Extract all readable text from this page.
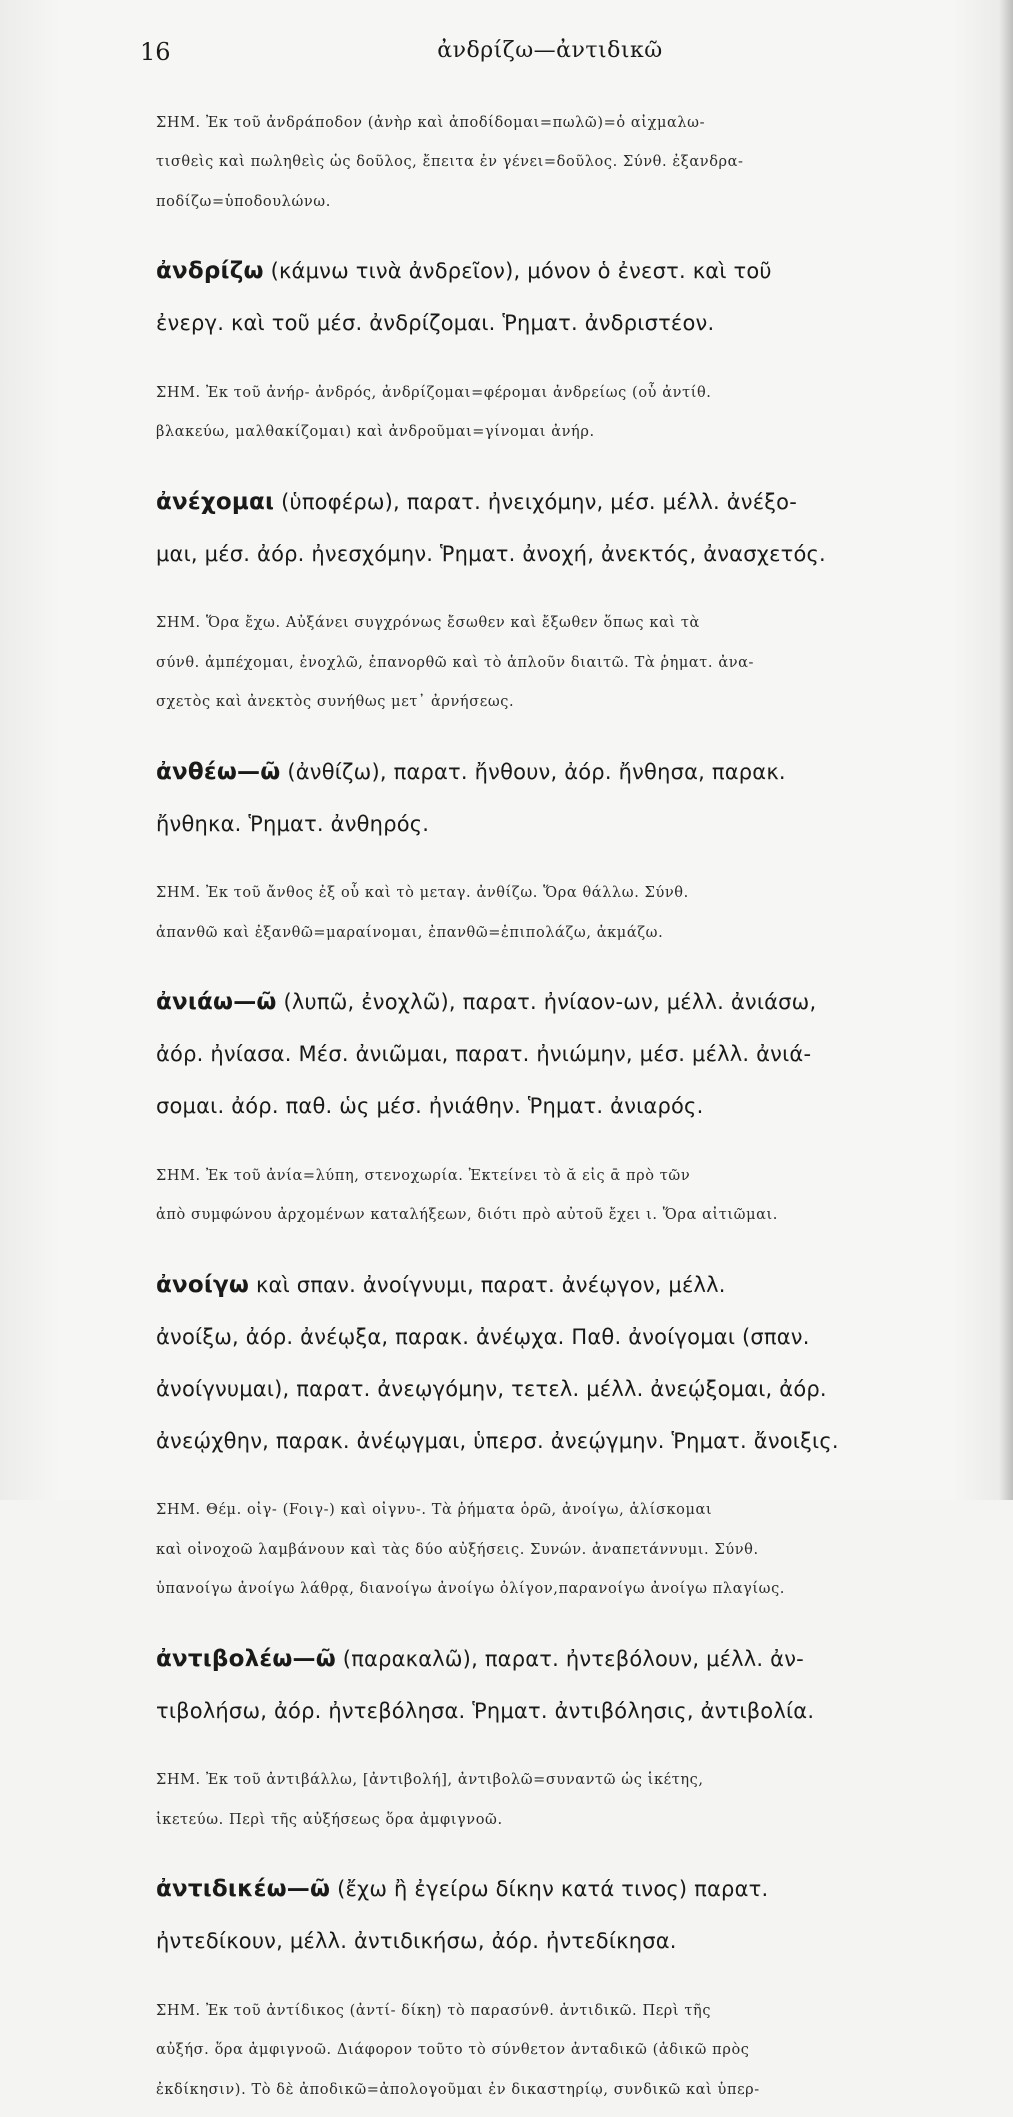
16	ἀνδρίζω—ἀντιδικῶ

ΣΗΜ. Ἐκ τοῦ ἀνδράποδον (ἀνὴρ καὶ ἀποδίδομαι=πωλῶ)=ὁ αἰχμαλω-

τισθεὶς καὶ πωληθεὶς ὡς δοῦλος, ἔπειτα ἐν γένει=δοῦλος. Σύνθ. ἐξανδρα-

ποδίζω=ὑποδουλώνω.

ἀνδρίζω (κάμνω τινὰ ἀνδρεῖον), μόνον ὁ ἐνεστ. καὶ τοῦ

ἐνεργ. καὶ τοῦ μέσ. ἀνδρίζομαι. Ῥηματ. ἀνδριστέον.

ΣΗΜ. Ἐκ τοῦ ἀνήρ- ἀνδρός, ἀνδρίζομαι=φέρομαι ἀνδρείως (οὗ ἀντίθ.

βλακεύω, μαλθακίζομαι) καὶ ἀνδροῦμαι=γίνομαι ἀνήρ.

ἀνέχομαι (ὑποφέρω), παρατ. ἠνειχόμην, μέσ. μέλλ. ἀνέξο-

μαι, μέσ. ἀόρ. ἠνεσχόμην. Ῥηματ. ἀνοχή, ἀνεκτός, ἀνασχετός.

ΣΗΜ. Ὅρα ἔχω. Αὐξάνει συγχρόνως ἔσωθεν καὶ ἔξωθεν ὅπως καὶ τὰ

σύνθ. ἀμπέχομαι, ἐνοχλῶ, ἐπανορθῶ καὶ τὸ ἁπλοῦν διαιτῶ. Τὰ ῥηματ. ἀνα-

σχετὸς καὶ ἀνεκτὸς συνήθως μετ᾽ ἀρνήσεως.

ἀνθέω—ῶ (ἀνθίζω), παρατ. ἤνθουν, ἀόρ. ἤνθησα, παρακ.

ἤνθηκα. Ῥηματ. ἀνθηρός.

ΣΗΜ. Ἐκ τοῦ ἄνθος ἐξ οὗ καὶ τὸ μεταγ. ἀνθίζω. Ὅρα θάλλω. Σύνθ.

ἀπανθῶ καὶ ἐξανθῶ=μαραίνομαι, ἐπανθῶ=ἐπιπολάζω, ἀκμάζω.

ἀνιάω—ῶ (λυπῶ, ἐνοχλῶ), παρατ. ἠνίαον-ων, μέλλ. ἀνιάσω,

ἀόρ. ἠνίασα. Μέσ. ἀνιῶμαι, παρατ. ἠνιώμην, μέσ. μέλλ. ἀνιά-

σομαι. ἀόρ. παθ. ὡς μέσ. ἠνιάθην. Ῥηματ. ἀνιαρός.

ΣΗΜ. Ἐκ τοῦ ἀνία=λύπη, στενοχωρία. Ἐκτείνει τὸ ᾰ εἰς ᾱ πρὸ τῶν

ἀπὸ συμφώνου ἀρχομένων καταλήξεων, διότι πρὸ αὐτοῦ ἔχει ι. Ὅρα αἰτιῶμαι.

ἀνοίγω καὶ σπαν. ἀνοίγνυμι, παρατ. ἀνέῳγον, μέλλ.

ἀνοίξω, ἀόρ. ἀνέῳξα, παρακ. ἀνέῳχα. Παθ. ἀνοίγομαι (σπαν.

ἀνοίγνυμαι), παρατ. ἀνεῳγόμην, τετελ. μέλλ. ἀνεῴξομαι, ἀόρ.

ἀνεῴχθην, παρακ. ἀνέῳγμαι, ὑπερσ. ἀνεῴγμην. Ῥηματ. ἄνοιξις.

ΣΗΜ. Θέμ. οἰγ- (Foιγ-) καὶ οἰγνυ-. Τὰ ῥήματα ὁρῶ, ἀνοίγω, ἁλίσκομαι

καὶ οἰνοχοῶ λαμβάνουν καὶ τὰς δύο αὐξήσεις. Συνών. ἀναπετάννυμι. Σύνθ.

ὑπανοίγω ἀνοίγω λάθρᾳ, διανοίγω ἀνοίγω ὀλίγον,παρανοίγω ἀνοίγω πλαγίως.

ἀντιβολέω—ῶ (παρακαλῶ), παρατ. ἠντεβόλουν, μέλλ. ἀν-

τιβολήσω, ἀόρ. ἠντεβόλησα. Ῥηματ. ἀντιβόλησις, ἀντιβολία.

ΣΗΜ. Ἐκ τοῦ ἀντιβάλλω, [ἀντιβολή], ἀντιβολῶ=συναντῶ ὡς ἱκέτης,

ἱκετεύω. Περὶ τῆς αὐξήσεως ὅρα ἀμφιγνοῶ.

ἀντιδικέω—ῶ (ἔχω ἢ ἐγείρω δίκην κατά τινος) παρατ.

ἠντεδίκουν, μέλλ. ἀντιδικήσω, ἀόρ. ἠντεδίκησα.

ΣΗΜ. Ἐκ τοῦ ἀντίδικος (ἀντί- δίκη) τὸ παρασύνθ. ἀντιδικῶ. Περὶ τῆς

αὐξήσ. ὅρα ἀμφιγνοῶ. Διάφορον τοῦτο τὸ σύνθετον ἀνταδικῶ (ἀδικῶ πρὸς

ἐκδίκησιν). Τὸ δὲ ἀποδικῶ=ἀπολογοῦμαι ἐν δικαστηρίῳ, συνδικῶ καὶ ὑπερ-
